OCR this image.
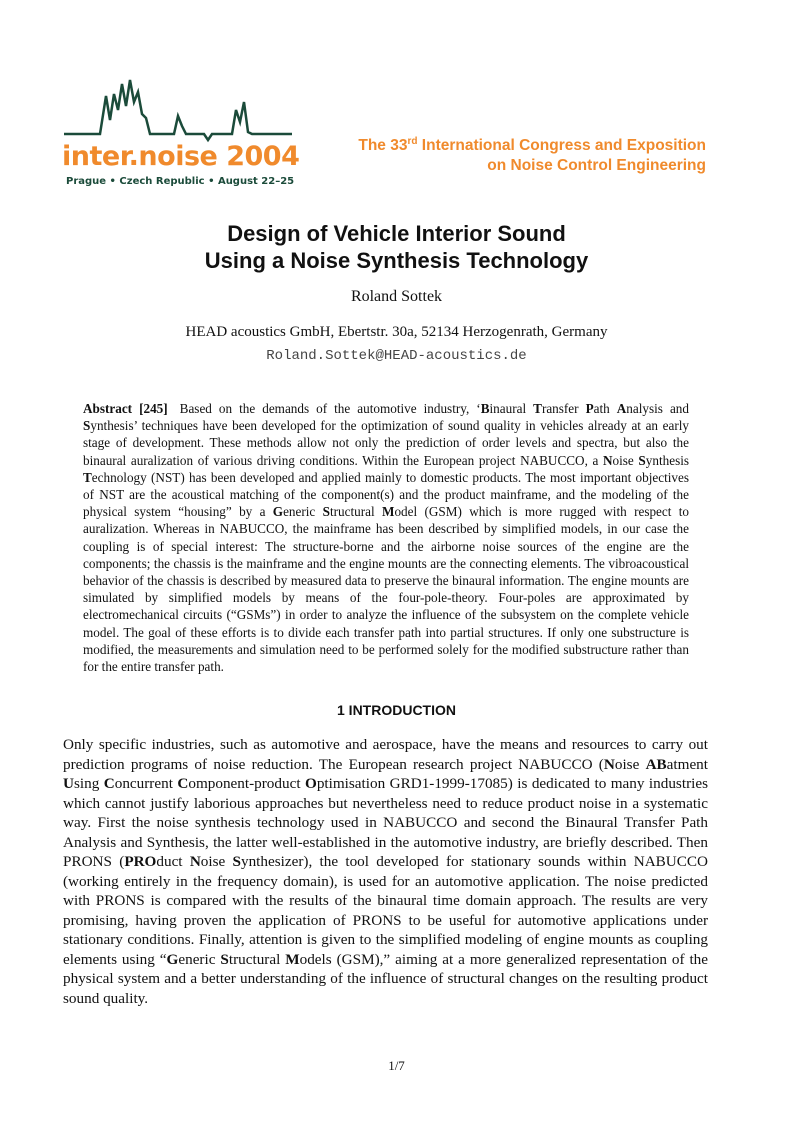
inter.noise 2004
Prague • Czech Republic • August 22–25
The 33rd International Congress and Exposition
on Noise Control Engineering
Design of Vehicle Interior Sound
Using a Noise Synthesis Technology
Roland Sottek
HEAD acoustics GmbH, Ebertstr. 30a, 52134 Herzogenrath, Germany
Roland.Sottek@HEAD-acoustics.de
Abstract [245] Based on the demands of the automotive industry, ‘Binaural Transfer Path Analysis and Synthesis’ techniques have been developed for the optimization of sound quality in vehicles already at an early stage of development. These methods allow not only the prediction of order levels and spectra, but also the binaural auralization of various driving conditions. Within the European project NABUCCO, a Noise Synthesis Technology (NST) has been developed and applied mainly to domestic products. The most important objectives of NST are the acoustical matching of the component(s) and the product mainframe, and the modeling of the physical system “housing” by a Generic Structural Model (GSM) which is more rugged with respect to auralization. Whereas in NABUCCO, the mainframe has been described by simplified models, in our case the coupling is of special interest: The structure-borne and the airborne noise sources of the engine are the components; the chassis is the mainframe and the engine mounts are the connecting elements. The vibroacoustical behavior of the chassis is described by measured data to preserve the binaural information. The engine mounts are simulated by simplified models by means of the four-pole-theory. Four-poles are approximated by electromechanical circuits (“GSMs”) in order to analyze the influence of the subsystem on the complete vehicle model. The goal of these efforts is to divide each transfer path into partial structures. If only one substructure is modified, the measurements and simulation need to be performed solely for the modified substructure rather than for the entire transfer path.
1 INTRODUCTION
Only specific industries, such as automotive and aerospace, have the means and resources to carry out prediction programs of noise reduction. The European research project NABUCCO (Noise ABatment Using Concurrent Component-product Optimisation GRD1-1999-17085) is dedicated to many industries which cannot justify laborious approaches but nevertheless need to reduce product noise in a systematic way. First the noise synthesis technology used in NABUCCO and second the Binaural Transfer Path Analysis and Synthesis, the latter well-established in the automotive industry, are briefly described. Then PRONS (PROduct Noise Synthesizer), the tool developed for stationary sounds within NABUCCO (working entirely in the frequency domain), is used for an automotive application. The noise predicted with PRONS is compared with the results of the binaural time domain approach. The results are very promising, having proven the application of PRONS to be useful for automotive applications under stationary conditions. Finally, attention is given to the simplified modeling of engine mounts as coupling elements using “Generic Structural Models (GSM),” aiming at a more generalized representation of the physical system and a better understanding of the influence of structural changes on the resulting product sound quality.
1/7
